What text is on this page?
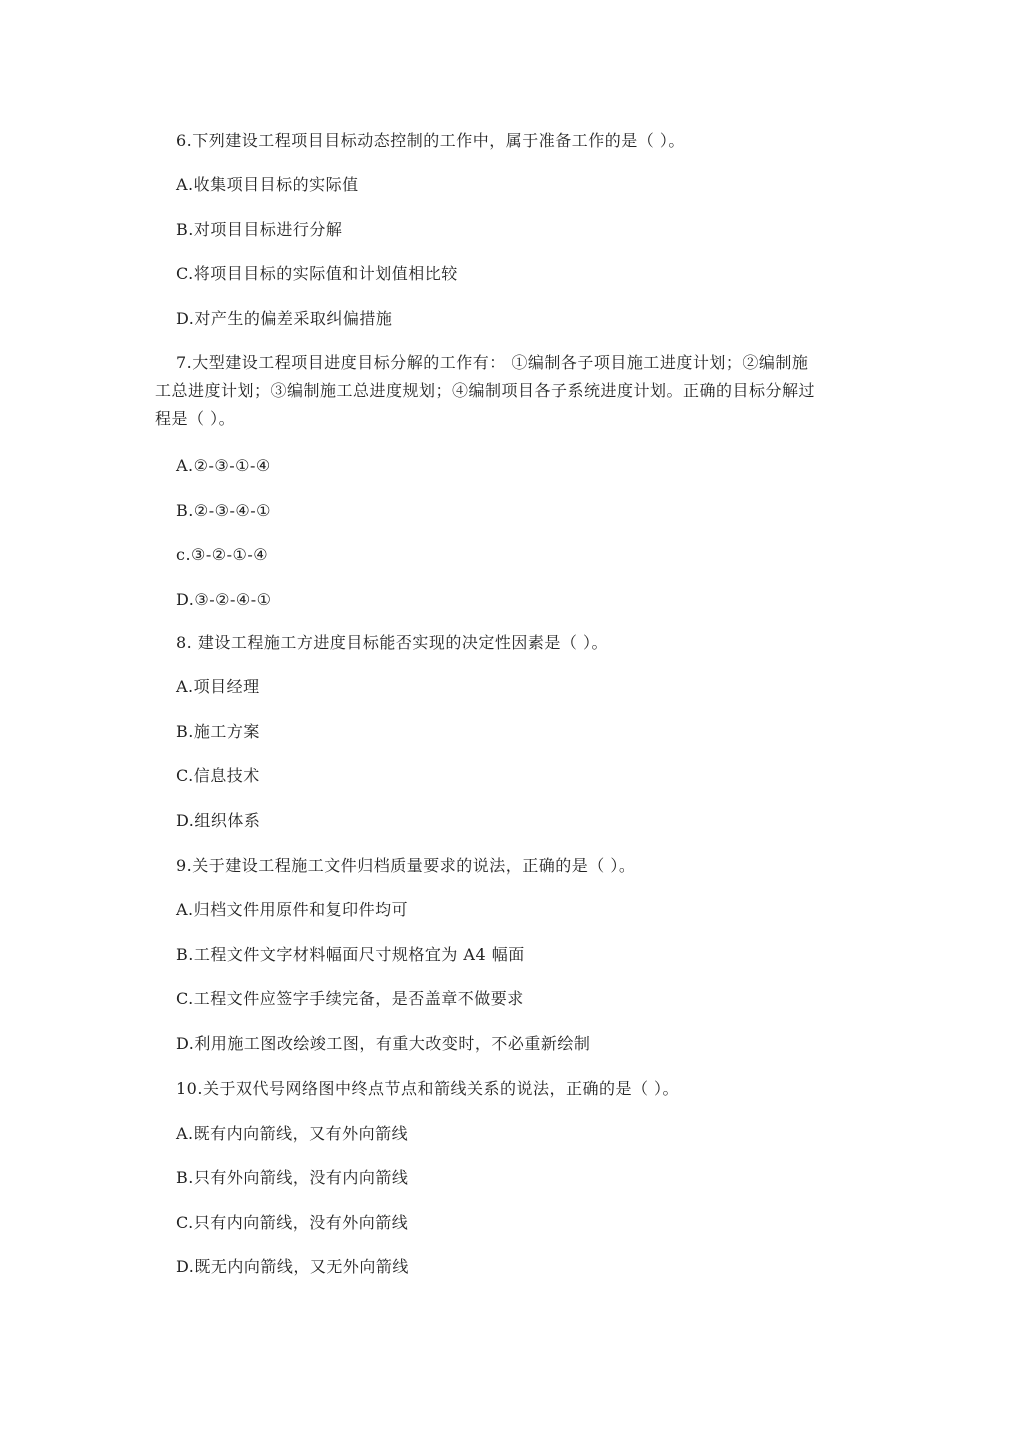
6.下列建设工程项目目标动态控制的工作中，属于准备工作的是（ ）。
A.收集项目目标的实际值
B.对项目目标进行分解
C.将项目目标的实际值和计划值相比较
D.对产生的偏差采取纠偏措施
7.大型建设工程项目进度目标分解的工作有： ①编制各子项目施工进度计划；②编制施
工总进度计划；③编制施工总进度规划；④编制项目各子系统进度计划。正确的目标分解过
程是（ ）。
A.②-③-①-④
B.②-③-④-①
c.③-②-①-④
D.③-②-④-①
8. 建设工程施工方进度目标能否实现的决定性因素是（ ）。
A.项目经理
B.施工方案
C.信息技术
D.组织体系
9.关于建设工程施工文件归档质量要求的说法，正确的是（ ）。
A.归档文件用原件和复印件均可
B.工程文件文字材料幅面尺寸规格宜为 A4 幅面
C.工程文件应签字手续完备，是否盖章不做要求
D.利用施工图改绘竣工图，有重大改变时，不必重新绘制
10.关于双代号网络图中终点节点和箭线关系的说法，正确的是（ ）。
A.既有内向箭线，又有外向箭线
B.只有外向箭线，没有内向箭线
C.只有内向箭线，没有外向箭线
D.既无内向箭线，又无外向箭线
